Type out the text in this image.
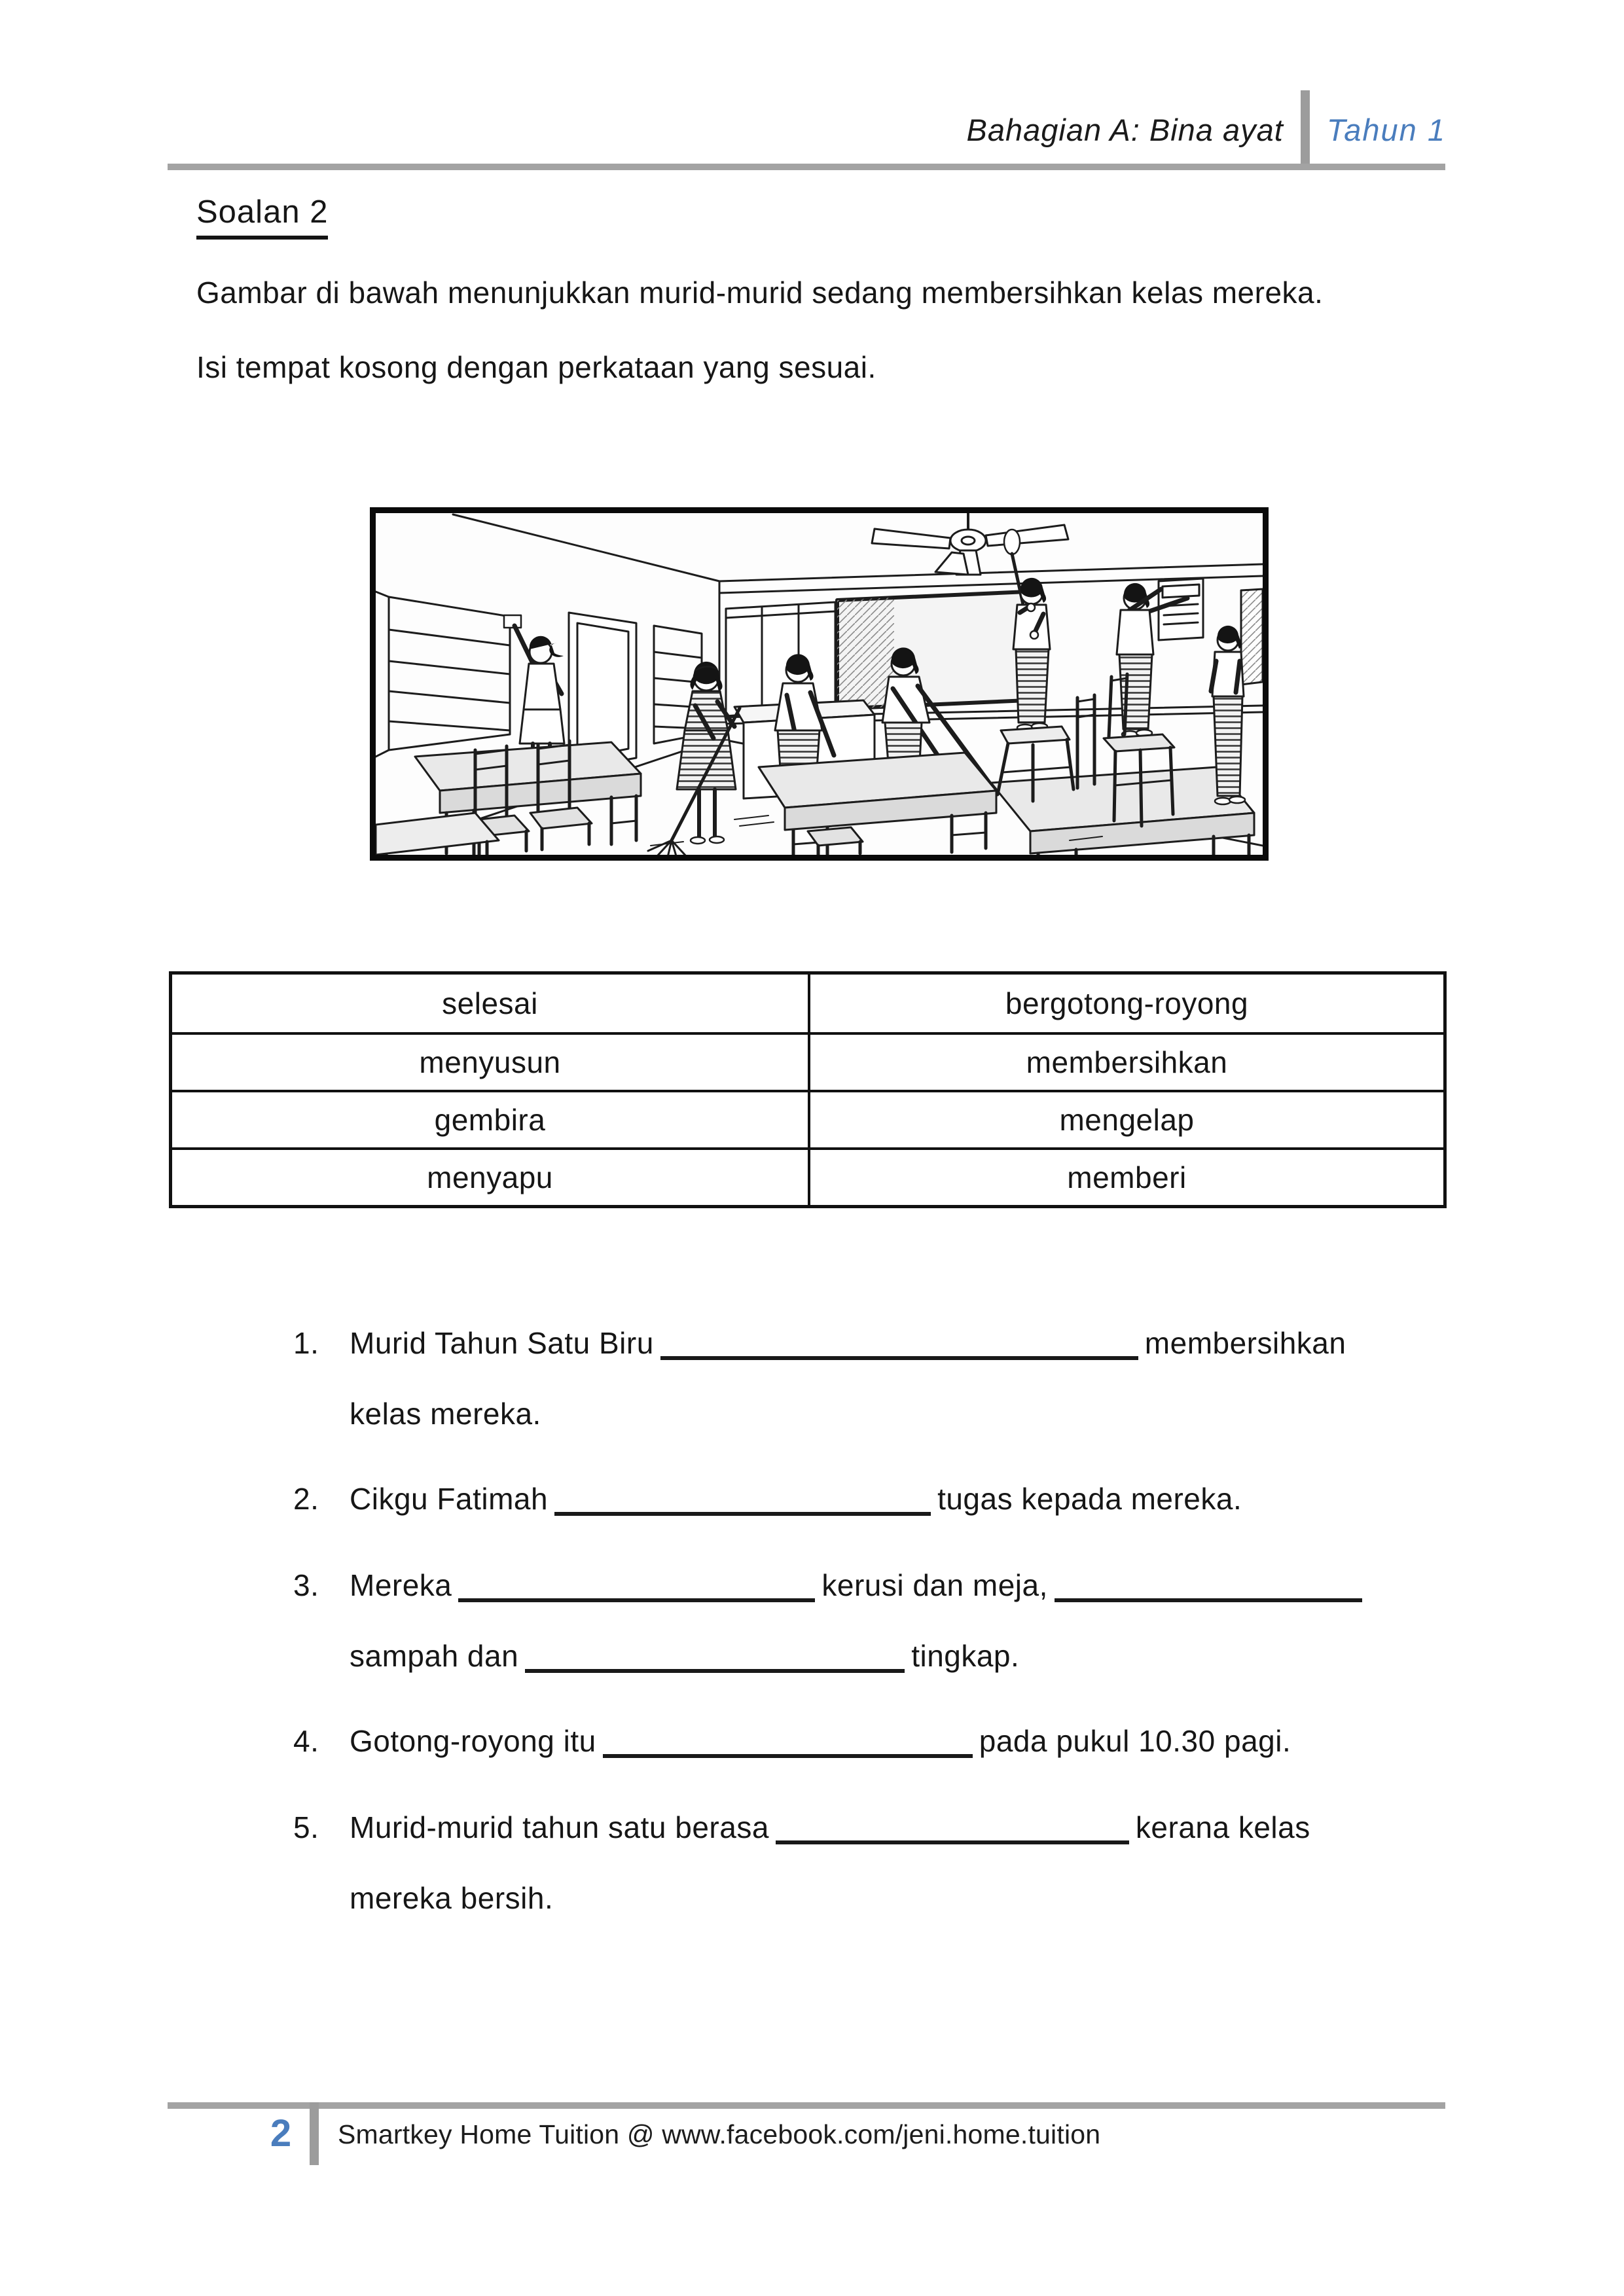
Bahagian A: Bina ayat Tahun 1
Soalan 2
Gambar di bawah menunjukkan murid-murid sedang membersihkan kelas mereka.
Isi tempat kosong dengan perkataan yang sesuai.
selesai	bergotong-royong
menyusun	membersihkan
gembira	mengelap
menyapu	memberi
1. Murid Tahun Satu Biru	membersihkan
kelas mereka.
2. Cikgu Fatimah	tugas kepada mereka.
3. Mereka	kerusi dan meja,
sampah dan	tingkap.
4. Gotong-royong itu	pada pukul 10.30 pagi.
5. Murid-murid tahun satu berasa	kerana kelas
mereka bersih.
2	Smartkey Home Tuition @ www.facebook.com/jeni.home.tuition
